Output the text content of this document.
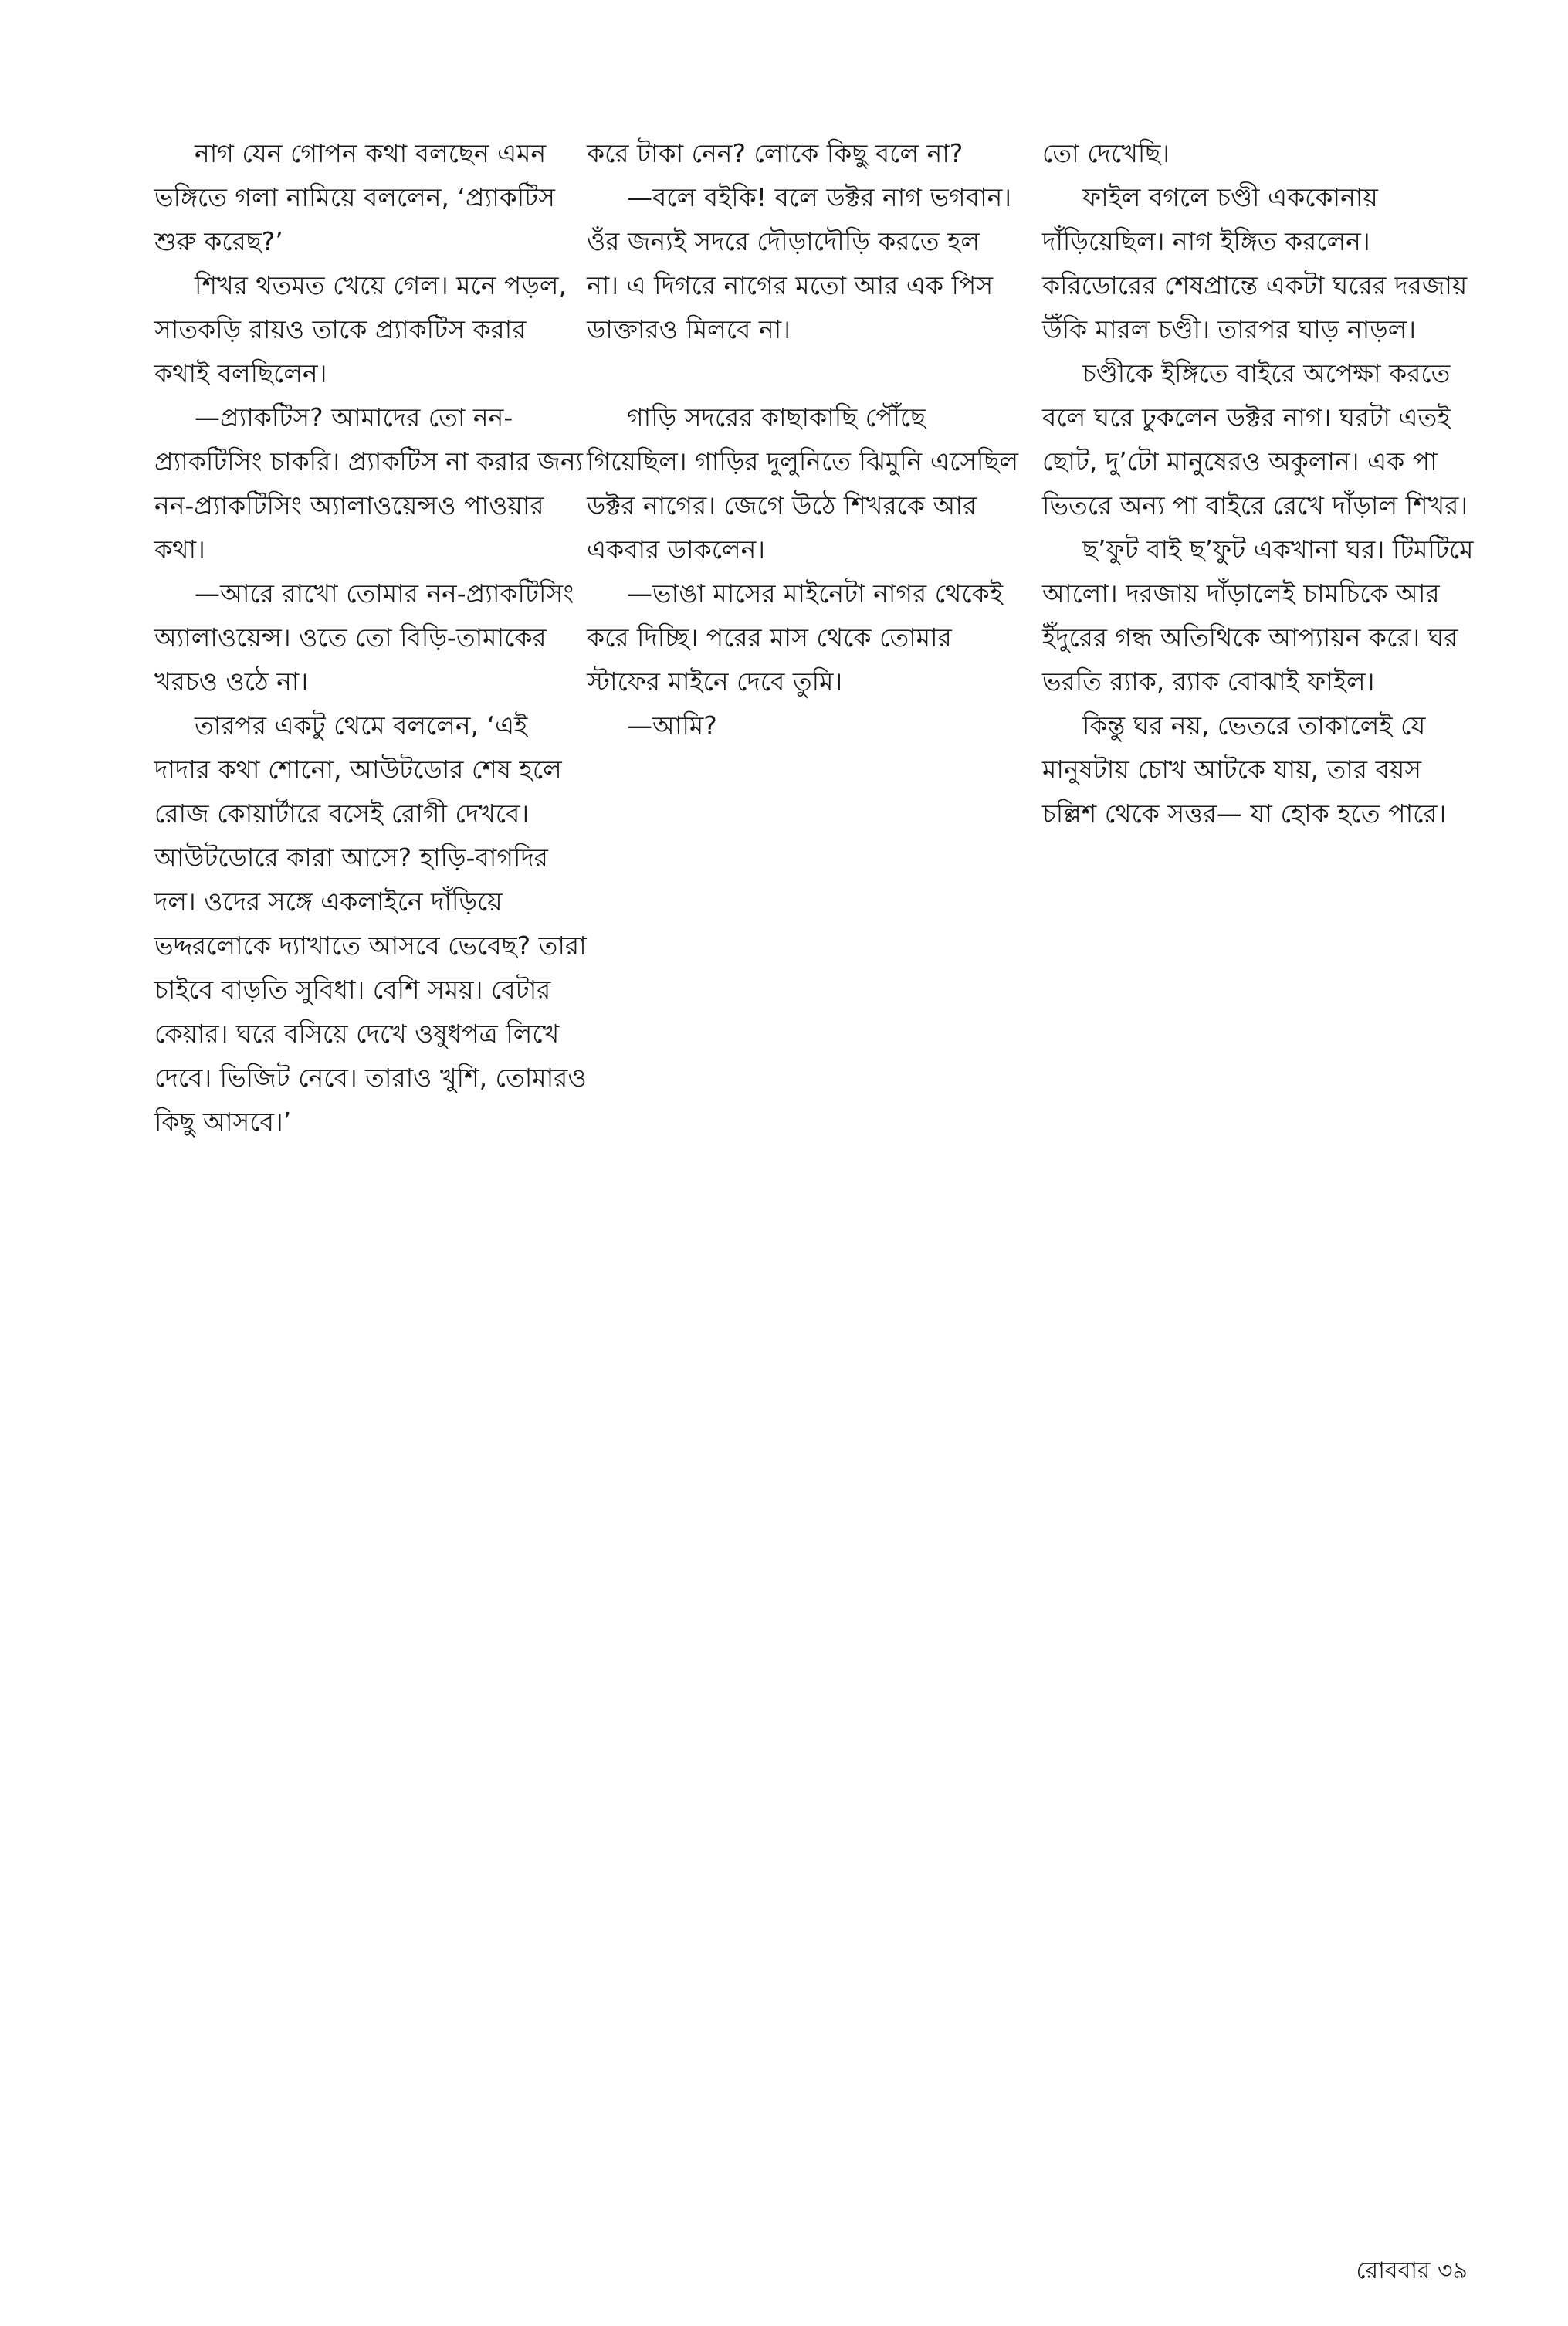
নাগ যেন গোপন কথা বলছেন এমন ভঙ্গিতে গলা নামিয়ে বললেন, ‘প্র্যাকটিস শুরু করেছ?’

শিখর থতমত খেয়ে গেল। মনে পড়ল, সাতকড়ি রায়ও তাকে প্র্যাকটিস করার কথাই বলছিলেন।

—প্র্যাকটিস? আমাদের তো নন-প্র্যাকটিসিং চাকরি। প্র্যাকটিস না করার জন্য নন-প্র্যাকটিসিং অ্যালাওয়েন্সও পাওয়ার কথা।

—আরে রাখো তোমার নন-প্র্যাকটিসিং অ্যালাওয়েন্স। ওতে তো বিড়ি-তামাকের খরচও ওঠে না।

তারপর একটু থেমে বললেন, ‘এই দাদার কথা শোনো, আউটডোর শেষ হলে রোজ কোয়ার্টারে বসেই রোগী দেখবে। আউটডোরে কারা আসে? হাড়ি-বাগদির দল। ওদের সঙ্গে একলাইনে দাঁড়িয়ে ভদ্দরলোকে দ্যাখাতে আসবে ভেবেছ? তারা চাইবে বাড়তি সুবিধা। বেশি সময়। বেটার কেয়ার। ঘরে বসিয়ে দেখে ওষুধপত্র লিখে দেবে। ভিজিট নেবে। তারাও খুশি, তোমারও কিছু আসবে।’

করে টাকা নেন? লোকে কিছু বলে না?

—বলে বইকি! বলে ডক্টর নাগ ভগবান। ওঁর জন্যই সদরে দৌড়াদৌড়ি করতে হল না। এ দিগরে নাগের মতো আর এক পিস ডাক্তারও মিলবে না।

গাড়ি সদরের কাছাকাছি পৌঁছে গিয়েছিল। গাড়ির দুলুনিতে ঝিমুনি এসেছিল ডক্টর নাগের। জেগে উঠে শিখরকে আর একবার ডাকলেন।

—ভাঙা মাসের মাইনেটা নাগর থেকেই করে দিচ্ছি। পরের মাস থেকে তোমার স্টাফের মাইনে দেবে তুমি।

—আমি?

তো দেখেছি।

ফাইল বগলে চণ্ডী এককোনায় দাঁড়িয়েছিল। নাগ ইঙ্গিত করলেন। করিডোরের শেষপ্রান্তে একটা ঘরের দরজায় উঁকি মারল চণ্ডী। তারপর ঘাড় নাড়ল।

চণ্ডীকে ইঙ্গিতে বাইরে অপেক্ষা করতে বলে ঘরে ঢুকলেন ডক্টর নাগ। ঘরটা এতই ছোট, দু’টো মানুষেরও অকুলান। এক পা ভিতরে অন্য পা বাইরে রেখে দাঁড়াল শিখর।

ছ’ফুট বাই ছ’ফুট একখানা ঘর। টিমটিমে আলো। দরজায় দাঁড়ালেই চামচিকে আর ইঁদুরের গন্ধ অতিথিকে আপ্যায়ন করে। ঘর ভরতি র‍্যাক, র‍্যাক বোঝাই ফাইল।

কিন্তু ঘর নয়, ভেতরে তাকালেই যে মানুষটায় চোখ আটকে যায়, তার বয়স চল্লিশ থেকে সত্তর— যা হোক হতে পারে।

রোববার ৩৯
